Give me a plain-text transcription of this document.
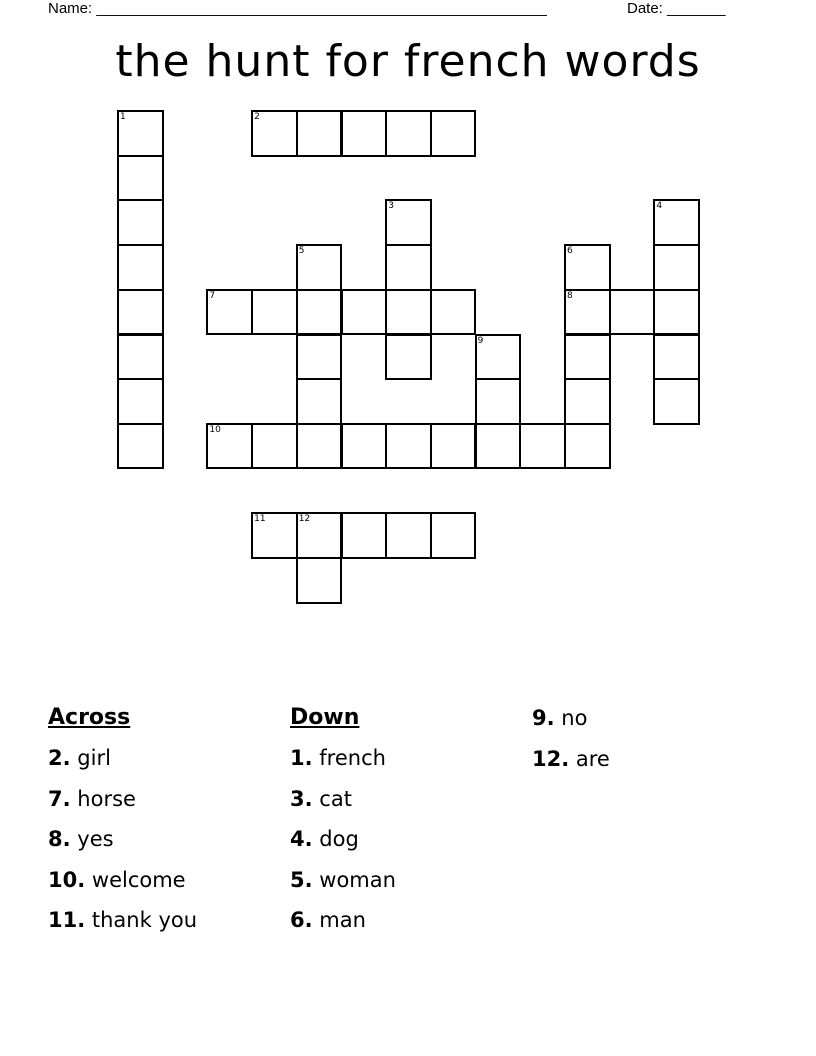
Name: ______________________________________________________	Date: _______
the hunt for french words
1	2
3	4
5	6
8
7
9
10
11	12
Across
2. girl
7. horse
8. yes
10. welcome
11. thank you
Down
1. french
3. cat
4. dog
5. woman
6. man
9. no
12. are
